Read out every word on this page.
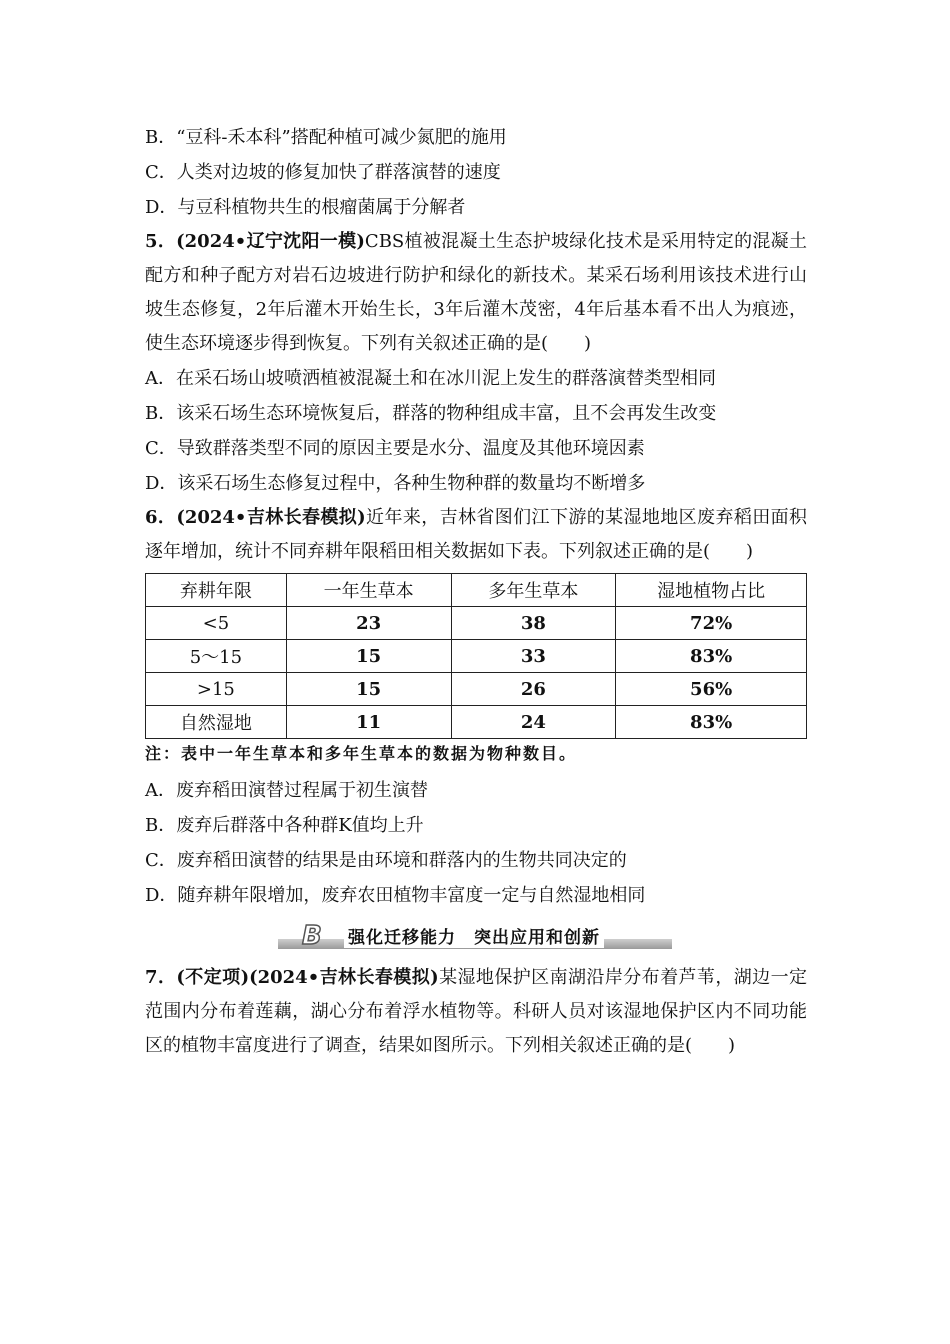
B．“豆科-禾本科”搭配种植可减少氮肥的施用

C．人类对边坡的修复加快了群落演替的速度

D．与豆科植物共生的根瘤菌属于分解者

5．(2024•辽宁沈阳一模)CBS植被混凝土生态护坡绿化技术是采用特定的混凝土配方和种子配方对岩石边坡进行防护和绿化的新技术。某采石场利用该技术进行山坡生态修复，2年后灌木开始生长，3年后灌木茂密，4年后基本看不出人为痕迹，使生态环境逐步得到恢复。下列有关叙述正确的是(　　)

A．在采石场山坡喷洒植被混凝土和在冰川泥上发生的群落演替类型相同

B．该采石场生态环境恢复后，群落的物种组成丰富，且不会再发生改变

C．导致群落类型不同的原因主要是水分、温度及其他环境因素

D．该采石场生态修复过程中，各种生物种群的数量均不断增多

6．(2024•吉林长春模拟)近年来，吉林省图们江下游的某湿地地区废弃稻田面积逐年增加，统计不同弃耕年限稻田相关数据如下表。下列叙述正确的是(　　)

弃耕年限	一年生草本	多年生草本	湿地植物占比
<5	23	38	72%
5～15	15	33	83%
>15	15	26	56%
自然湿地	11	24	83%

注：表中一年生草本和多年生草本的数据为物种数目。

A．废弃稻田演替过程属于初生演替

B．废弃后群落中各种群K值均上升

C．废弃稻田演替的结果是由环境和群落内的生物共同决定的

D．随弃耕年限增加，废弃农田植物丰富度一定与自然湿地相同

B 强化迁移能力　突出应用和创新

7．(不定项)(2024•吉林长春模拟)某湿地保护区南湖沿岸分布着芦苇，湖边一定范围内分布着莲藕，湖心分布着浮水植物等。科研人员对该湿地保护区内不同功能区的植物丰富度进行了调查，结果如图所示。下列相关叙述正确的是(　　)
